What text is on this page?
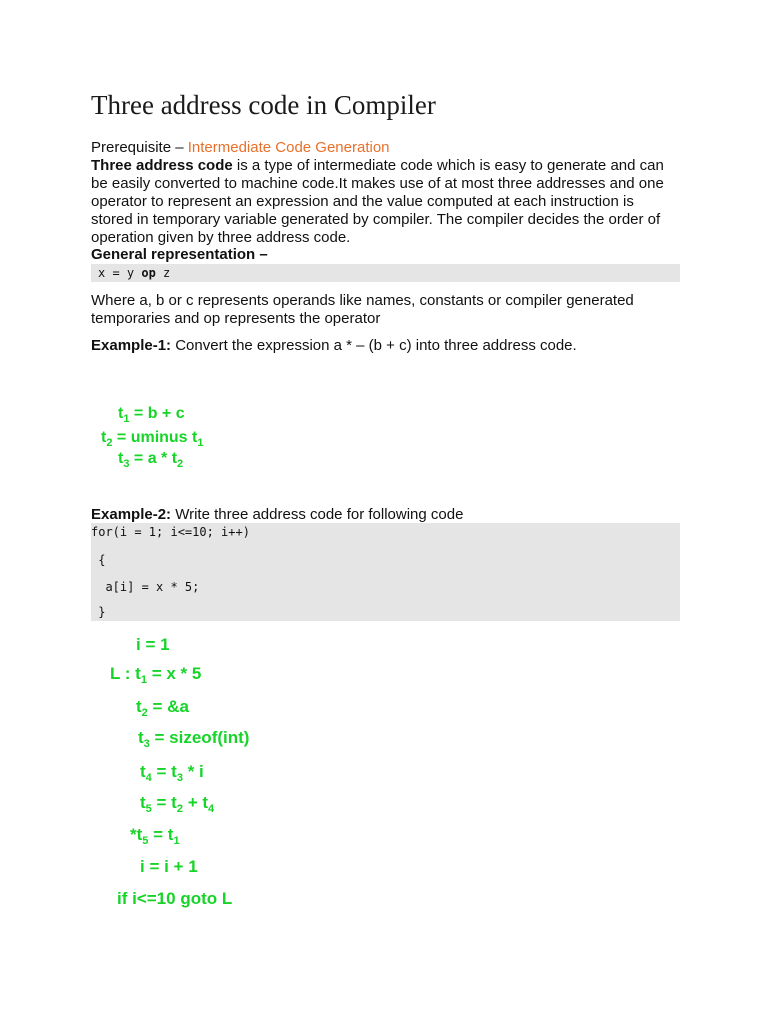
Three address code in Compiler
Prerequisite – Intermediate Code Generation
Three address code is a type of intermediate code which is easy to generate and can
be easily converted to machine code.It makes use of at most three addresses and one
operator to represent an expression and the value computed at each instruction is
stored in temporary variable generated by compiler. The compiler decides the order of
operation given by three address code.
General representation –
x = y op z
Where a, b or c represents operands like names, constants or compiler generated
temporaries and op represents the operator
Example-1: Convert the expression a * – (b + c) into three address code.
$t_1 = b + c$
$t_2$ = uminus $t_1$
$t_3 = a * t_2$
Example-2: Write three address code for following code
for(i = 1; i<=10; i++)
{
a[i] = x * 5;
}
i = 1
L : $t_1 = x * 5$
$t_2$ = &a
$t_3$ = sizeof(int)
$t_4 = t_3 * i$
$t_5 = t_2 + t_4$
$*t_5 = t_1$
i = i + 1
if i<=10 goto L
